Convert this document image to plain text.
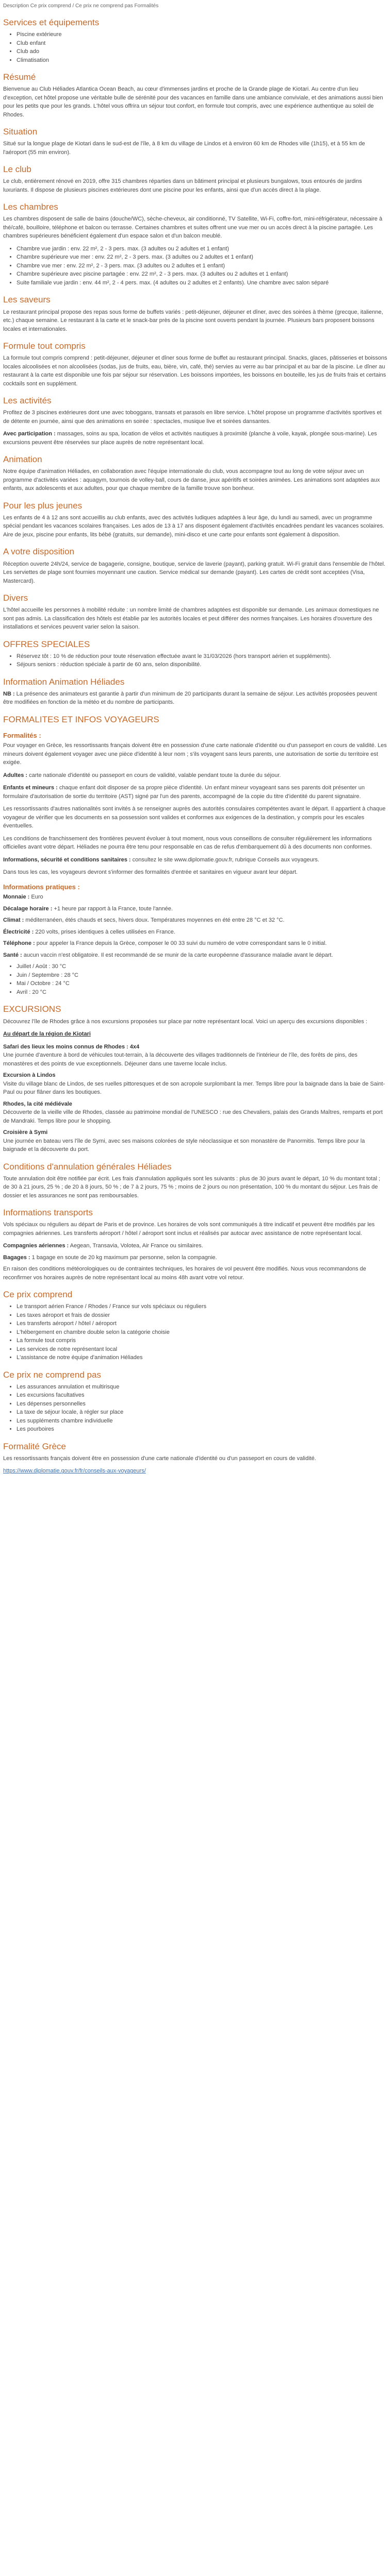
Description Ce prix comprend / Ce prix ne comprend pas Formalités
Services et équipements
• Piscine extérieure
• Club enfant
• Club ado
• Climatisation
Résumé

Bienvenue au Club Héliades Atlantica Ocean Beach, au cœur d'immenses jardins et proche de la Grande plage de Kiotari. Au centre d'un lieu d'exception, cet hôtel propose une véritable bulle de sérénité pour des vacances en famille dans une ambiance conviviale, et des animations aussi bien pour les petits que pour les grands. L'hôtel vous offrira un séjour tout confort, en formule tout compris, avec une expérience authentique au soleil de Rhodes.

Situation

Situé sur la longue plage de Kiotari dans le sud-est de l'île, à 8 km du village de Lindos et à environ 60 km de Rhodes ville (1h15), et à 55 km de l'aéroport (55 min environ).

Le club

Le club, entièrement rénové en 2019, offre 315 chambres réparties dans un bâtiment principal et plusieurs bungalows, tous entourés de jardins luxuriants. Il dispose de plusieurs piscines extérieures dont une piscine pour les enfants, ainsi que d'un accès direct à la plage.

Les chambres

Les chambres disposent de salle de bains (douche/WC), sèche-cheveux, air conditionné, TV Satellite, Wi-Fi, coffre-fort, mini-réfrigérateur, nécessaire à thé/café, bouilloire, téléphone et balcon ou terrasse. Certaines chambres et suites offrent une vue mer ou un accès direct à la piscine partagée. Les chambres supérieures bénéficient également d'un espace salon et d'un balcon meublé.

• Chambre vue jardin : env. 22 m², 2 - 3 pers. max. (3 adultes ou 2 adultes et 1 enfant)
• Chambre supérieure vue mer : env. 22 m², 2 - 3 pers. max. (3 adultes ou 2 adultes et 1 enfant)
• Chambre vue mer : env. 22 m², 2 - 3 pers. max. (3 adultes ou 2 adultes et 1 enfant)
• Chambre supérieure avec piscine partagée : env. 22 m², 2 - 3 pers. max. (3 adultes ou 2 adultes et 1 enfant)
• Suite familiale vue jardin : env. 44 m², 2 - 4 pers. max. (4 adultes ou 2 adultes et 2 enfants). Une chambre avec salon séparé
Les saveurs

Le restaurant principal propose des repas sous forme de buffets variés : petit-déjeuner, déjeuner et dîner, avec des soirées à thème (grecque, italienne, etc.) chaque semaine. Le restaurant à la carte et le snack-bar près de la piscine sont ouverts pendant la journée. Plusieurs bars proposent boissons locales et internationales.

Formule tout compris

La formule tout compris comprend : petit-déjeuner, déjeuner et dîner sous forme de buffet au restaurant principal. Snacks, glaces, pâtisseries et boissons locales alcoolisées et non alcoolisées (sodas, jus de fruits, eau, bière, vin, café, thé) servies au verre au bar principal et au bar de la piscine. Le dîner au restaurant à la carte est disponible une fois par séjour sur réservation. Les boissons importées, les boissons en bouteille, les jus de fruits frais et certains cocktails sont en supplément.

Les activités

Profitez de 3 piscines extérieures dont une avec toboggans, transats et parasols en libre service. L'hôtel propose un programme d'activités sportives et de détente en journée, ainsi que des animations en soirée : spectacles, musique live et soirées dansantes.

Avec participation : massages, soins au spa, location de vélos et activités nautiques à proximité (planche à voile, kayak, plongée sous-marine). Les excursions peuvent être réservées sur place auprès de notre représentant local.

Animation

Notre équipe d'animation Héliades, en collaboration avec l'équipe internationale du club, vous accompagne tout au long de votre séjour avec un programme d'activités variées : aquagym, tournois de volley-ball, cours de danse, jeux apéritifs et soirées animées. Les animations sont adaptées aux enfants, aux adolescents et aux adultes, pour que chaque membre de la famille trouve son bonheur.

Pour les plus jeunes

Les enfants de 4 à 12 ans sont accueillis au club enfants, avec des activités ludiques adaptées à leur âge, du lundi au samedi, avec un programme spécial pendant les vacances scolaires françaises. Les ados de 13 à 17 ans disposent également d'activités encadrées pendant les vacances scolaires. Aire de jeux, piscine pour enfants, lits bébé (gratuits, sur demande), mini-disco et une carte pour enfants sont également à disposition.

A votre disposition

Réception ouverte 24h/24, service de bagagerie, consigne, boutique, service de laverie (payant), parking gratuit. Wi-Fi gratuit dans l'ensemble de l'hôtel. Les serviettes de plage sont fournies moyennant une caution. Service médical sur demande (payant). Les cartes de crédit sont acceptées (Visa, Mastercard).

Divers

L'hôtel accueille les personnes à mobilité réduite : un nombre limité de chambres adaptées est disponible sur demande. Les animaux domestiques ne sont pas admis. La classification des hôtels est établie par les autorités locales et peut différer des normes françaises. Les horaires d'ouverture des installations et services peuvent varier selon la saison.

OFFRES SPECIALES
• Réservez tôt : 10 % de réduction pour toute réservation effectuée avant le 31/03/2026 (hors transport aérien et suppléments).
• Séjours seniors : réduction spéciale à partir de 60 ans, selon disponibilité.
Information Animation Héliades

NB : La présence des animateurs est garantie à partir d'un minimum de 20 participants durant la semaine de séjour. Les activités proposées peuvent être modifiées en fonction de la météo et du nombre de participants.

FORMALITES ET INFOS VOYAGEURS
Formalités :

Pour voyager en Grèce, les ressortissants français doivent être en possession d'une carte nationale d'identité ou d'un passeport en cours de validité. Les mineurs doivent également voyager avec une pièce d'identité à leur nom ; s'ils voyagent sans leurs parents, une autorisation de sortie du territoire est exigée.

Adultes : carte nationale d'identité ou passeport en cours de validité, valable pendant toute la durée du séjour.

Enfants et mineurs : chaque enfant doit disposer de sa propre pièce d'identité. Un enfant mineur voyageant sans ses parents doit présenter un formulaire d'autorisation de sortie du territoire (AST) signé par l'un des parents, accompagné de la copie du titre d'identité du parent signataire.

Les ressortissants d'autres nationalités sont invités à se renseigner auprès des autorités consulaires compétentes avant le départ. Il appartient à chaque voyageur de vérifier que les documents en sa possession sont valides et conformes aux exigences de la destination, y compris pour les escales éventuelles.

Les conditions de franchissement des frontières peuvent évoluer à tout moment, nous vous conseillons de consulter régulièrement les informations officielles avant votre départ. Héliades ne pourra être tenu pour responsable en cas de refus d'embarquement dû à des documents non conformes.

Informations, sécurité et conditions sanitaires : consultez le site www.diplomatie.gouv.fr, rubrique Conseils aux voyageurs.

Dans tous les cas, les voyageurs devront s'informer des formalités d'entrée et sanitaires en vigueur avant leur départ.

Informations pratiques :
Monnaie : Euro
Décalage horaire : +1 heure par rapport à la France, toute l'année.
Climat : méditerranéen, étés chauds et secs, hivers doux. Températures moyennes en été entre 28 °C et 32 °C.
Électricité : 220 volts, prises identiques à celles utilisées en France.
Téléphone : pour appeler la France depuis la Grèce, composer le 00 33 suivi du numéro de votre correspondant sans le 0 initial.
Santé : aucun vaccin n'est obligatoire. Il est recommandé de se munir de la carte européenne d'assurance maladie avant le départ.
• Juillet / Août : 30 °C
• Juin / Septembre : 28 °C
• Mai / Octobre : 24 °C
• Avril : 20 °C
EXCURSIONS

Découvrez l'île de Rhodes grâce à nos excursions proposées sur place par notre représentant local. Voici un aperçu des excursions disponibles :

Au départ de la région de Kiotari

Safari des lieux les moins connus de Rhodes : 4x4
Une journée d'aventure à bord de véhicules tout-terrain, à la découverte des villages traditionnels de l'intérieur de l'île, des forêts de pins, des monastères et des points de vue exceptionnels. Déjeuner dans une taverne locale inclus.
Excursion à Lindos
Visite du village blanc de Lindos, de ses ruelles pittoresques et de son acropole surplombant la mer. Temps libre pour la baignade dans la baie de Saint-Paul ou pour flâner dans les boutiques.
Rhodes, la cité médiévale
Découverte de la vieille ville de Rhodes, classée au patrimoine mondial de l'UNESCO : rue des Chevaliers, palais des Grands Maîtres, remparts et port de Mandraki. Temps libre pour le shopping.
Croisière à Symi
Une journée en bateau vers l'île de Symi, avec ses maisons colorées de style néoclassique et son monastère de Panormitis. Temps libre pour la baignade et la découverte du port.
Conditions d'annulation générales Héliades

Toute annulation doit être notifiée par écrit. Les frais d'annulation appliqués sont les suivants : plus de 30 jours avant le départ, 10 % du montant total ; de 30 à 21 jours, 25 % ; de 20 à 8 jours, 50 % ; de 7 à 2 jours, 75 % ; moins de 2 jours ou non présentation, 100 % du montant du séjour. Les frais de dossier et les assurances ne sont pas remboursables.

Informations transports

Vols spéciaux ou réguliers au départ de Paris et de province. Les horaires de vols sont communiqués à titre indicatif et peuvent être modifiés par les compagnies aériennes. Les transferts aéroport / hôtel / aéroport sont inclus et réalisés par autocar avec assistance de notre représentant local.

Compagnies aériennes : Aegean, Transavia, Volotea, Air France ou similaires.
Bagages : 1 bagage en soute de 20 kg maximum par personne, selon la compagnie.

En raison des conditions météorologiques ou de contraintes techniques, les horaires de vol peuvent être modifiés. Nous vous recommandons de reconfirmer vos horaires auprès de notre représentant local au moins 48h avant votre vol retour.

Ce prix comprend
• Le transport aérien France / Rhodes / France sur vols spéciaux ou réguliers
• Les taxes aéroport et frais de dossier
• Les transferts aéroport / hôtel / aéroport
• L'hébergement en chambre double selon la catégorie choisie
• La formule tout compris
• Les services de notre représentant local
• L'assistance de notre équipe d'animation Héliades
Ce prix ne comprend pas
• Les assurances annulation et multirisque
• Les excursions facultatives
• Les dépenses personnelles
• La taxe de séjour locale, à régler sur place
• Les suppléments chambre individuelle
• Les pourboires
Formalité Grèce

Les ressortissants français doivent être en possession d'une carte nationale d'identité ou d'un passeport en cours de validité.

https://www.diplomatie.gouv.fr/fr/conseils-aux-voyageurs/
